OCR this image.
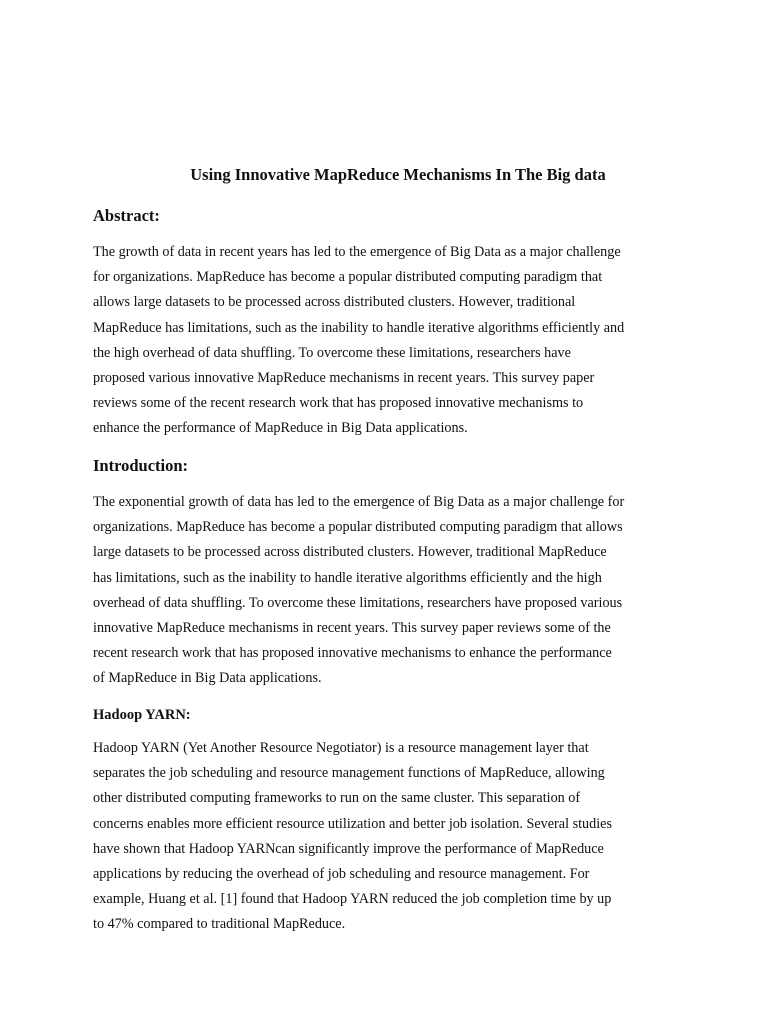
Using Innovative MapReduce Mechanisms In The Big data
Abstract:
The growth of data in recent years has led to the emergence of Big Data as a major challenge
for organizations. MapReduce has become a popular distributed computing paradigm that
allows large datasets to be processed across distributed clusters. However, traditional
MapReduce has limitations, such as the inability to handle iterative algorithms efficiently and
the high overhead of data shuffling. To overcome these limitations, researchers have
proposed various innovative MapReduce mechanisms in recent years. This survey paper
reviews some of the recent research work that has proposed innovative mechanisms to
enhance the performance of MapReduce in Big Data applications.
Introduction:
The exponential growth of data has led to the emergence of Big Data as a major challenge for
organizations. MapReduce has become a popular distributed computing paradigm that allows
large datasets to be processed across distributed clusters. However, traditional MapReduce
has limitations, such as the inability to handle iterative algorithms efficiently and the high
overhead of data shuffling. To overcome these limitations, researchers have proposed various
innovative MapReduce mechanisms in recent years. This survey paper reviews some of the
recent research work that has proposed innovative mechanisms to enhance the performance
of MapReduce in Big Data applications.
Hadoop YARN:
Hadoop YARN (Yet Another Resource Negotiator) is a resource management layer that
separates the job scheduling and resource management functions of MapReduce, allowing
other distributed computing frameworks to run on the same cluster. This separation of
concerns enables more efficient resource utilization and better job isolation. Several studies
have shown that Hadoop YARNcan significantly improve the performance of MapReduce
applications by reducing the overhead of job scheduling and resource management. For
example, Huang et al. [1] found that Hadoop YARN reduced the job completion time by up
to 47% compared to traditional MapReduce.
